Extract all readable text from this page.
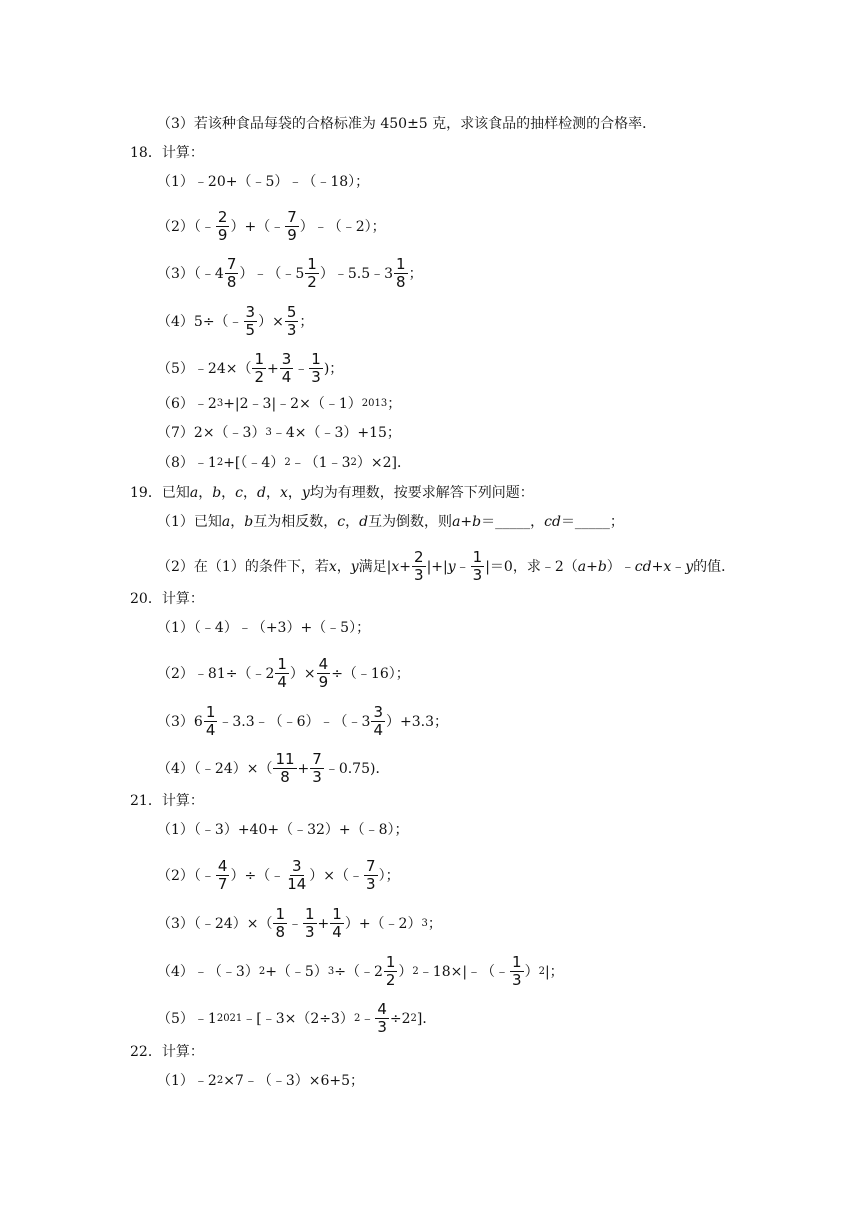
（3）若该种食品每袋的合格标准为 450±5 克，求该食品的抽样检测的合格率．
18．计算：
（1）﹣20+（﹣5）﹣（﹣18）；
（2）（﹣ $\frac{2}{9}$ ）+（﹣ $\frac{7}{9}$ ）﹣（﹣2）；
（3）（﹣4 $\frac{7}{8}$ ）﹣（﹣5 $\frac{1}{2}$ ）﹣5.5﹣3 $\frac{1}{8}$ ；
（4）5÷（﹣ $\frac{3}{5}$ ）× $\frac{5}{3}$ ；
（5）﹣24×（ $\frac{1}{2} + \frac{3}{4}$ ﹣ $\frac{1}{3}$ )；
（6）﹣2 3 +|2﹣3|﹣2×（﹣1） 2013 ；
（7）2×（﹣3） 3 ﹣4×（﹣3）+15；
（8）﹣1 2 +[（﹣4） 2 ﹣（1﹣3 2 ）×2]．
19．已知 a ， b ， c ， d ， x ， y 均为有理数，按要求解答下列问题：
（1）已知 a ， b 互为相反数， c ， d 互为倒数，则 a + b ＝_____， cd ＝_____；
（2）在（1）的条件下，若 x ， y 满足| $x + \frac{2}{3}$ |+| y ﹣ $\frac{1}{3} |=0$，求﹣2（ a + b ）﹣ cd + x ﹣ y 的值．
20．计算：
（1）（﹣4）﹣（+3）+（﹣5）；
（2）﹣81÷（﹣2 $\frac{1}{4}$ ）× $\frac{4}{9}$ ÷（﹣16）；
$(3)6 \frac{1}{4}$ ﹣3.3﹣（﹣6）﹣（﹣3 $\frac{3}{4} )+3.3$；
（4）（﹣24）×（ $\frac{11}{8} + \frac{7}{3}$ ﹣0.75)．
21．计算：
（1）（﹣3）+40+（﹣32）+（﹣8）；
（2）（﹣ $\frac{4}{7}$ ）÷（﹣ $\frac{3}{14}$ ）×（﹣ $\frac{7}{3}$ ）；
（3）（﹣24）×（ $\frac{1}{8}$ ﹣ $\frac{1}{3} + \frac{1}{4}$ ）+（﹣2） 3 ；
（4）﹣（﹣3） 2 +（﹣5） 3 ÷（﹣2 $\frac{1}{2}$ ） 2 ﹣18×|﹣（﹣ $\frac{1}{3}$ ） 2 |；
（5）﹣1 2021 ﹣[﹣3×（2÷3） 2 ﹣ $\frac{4}{3} \div 2$ 2 ]．
22．计算：
（1）﹣2 2 ×7﹣（﹣3）×6+5；
